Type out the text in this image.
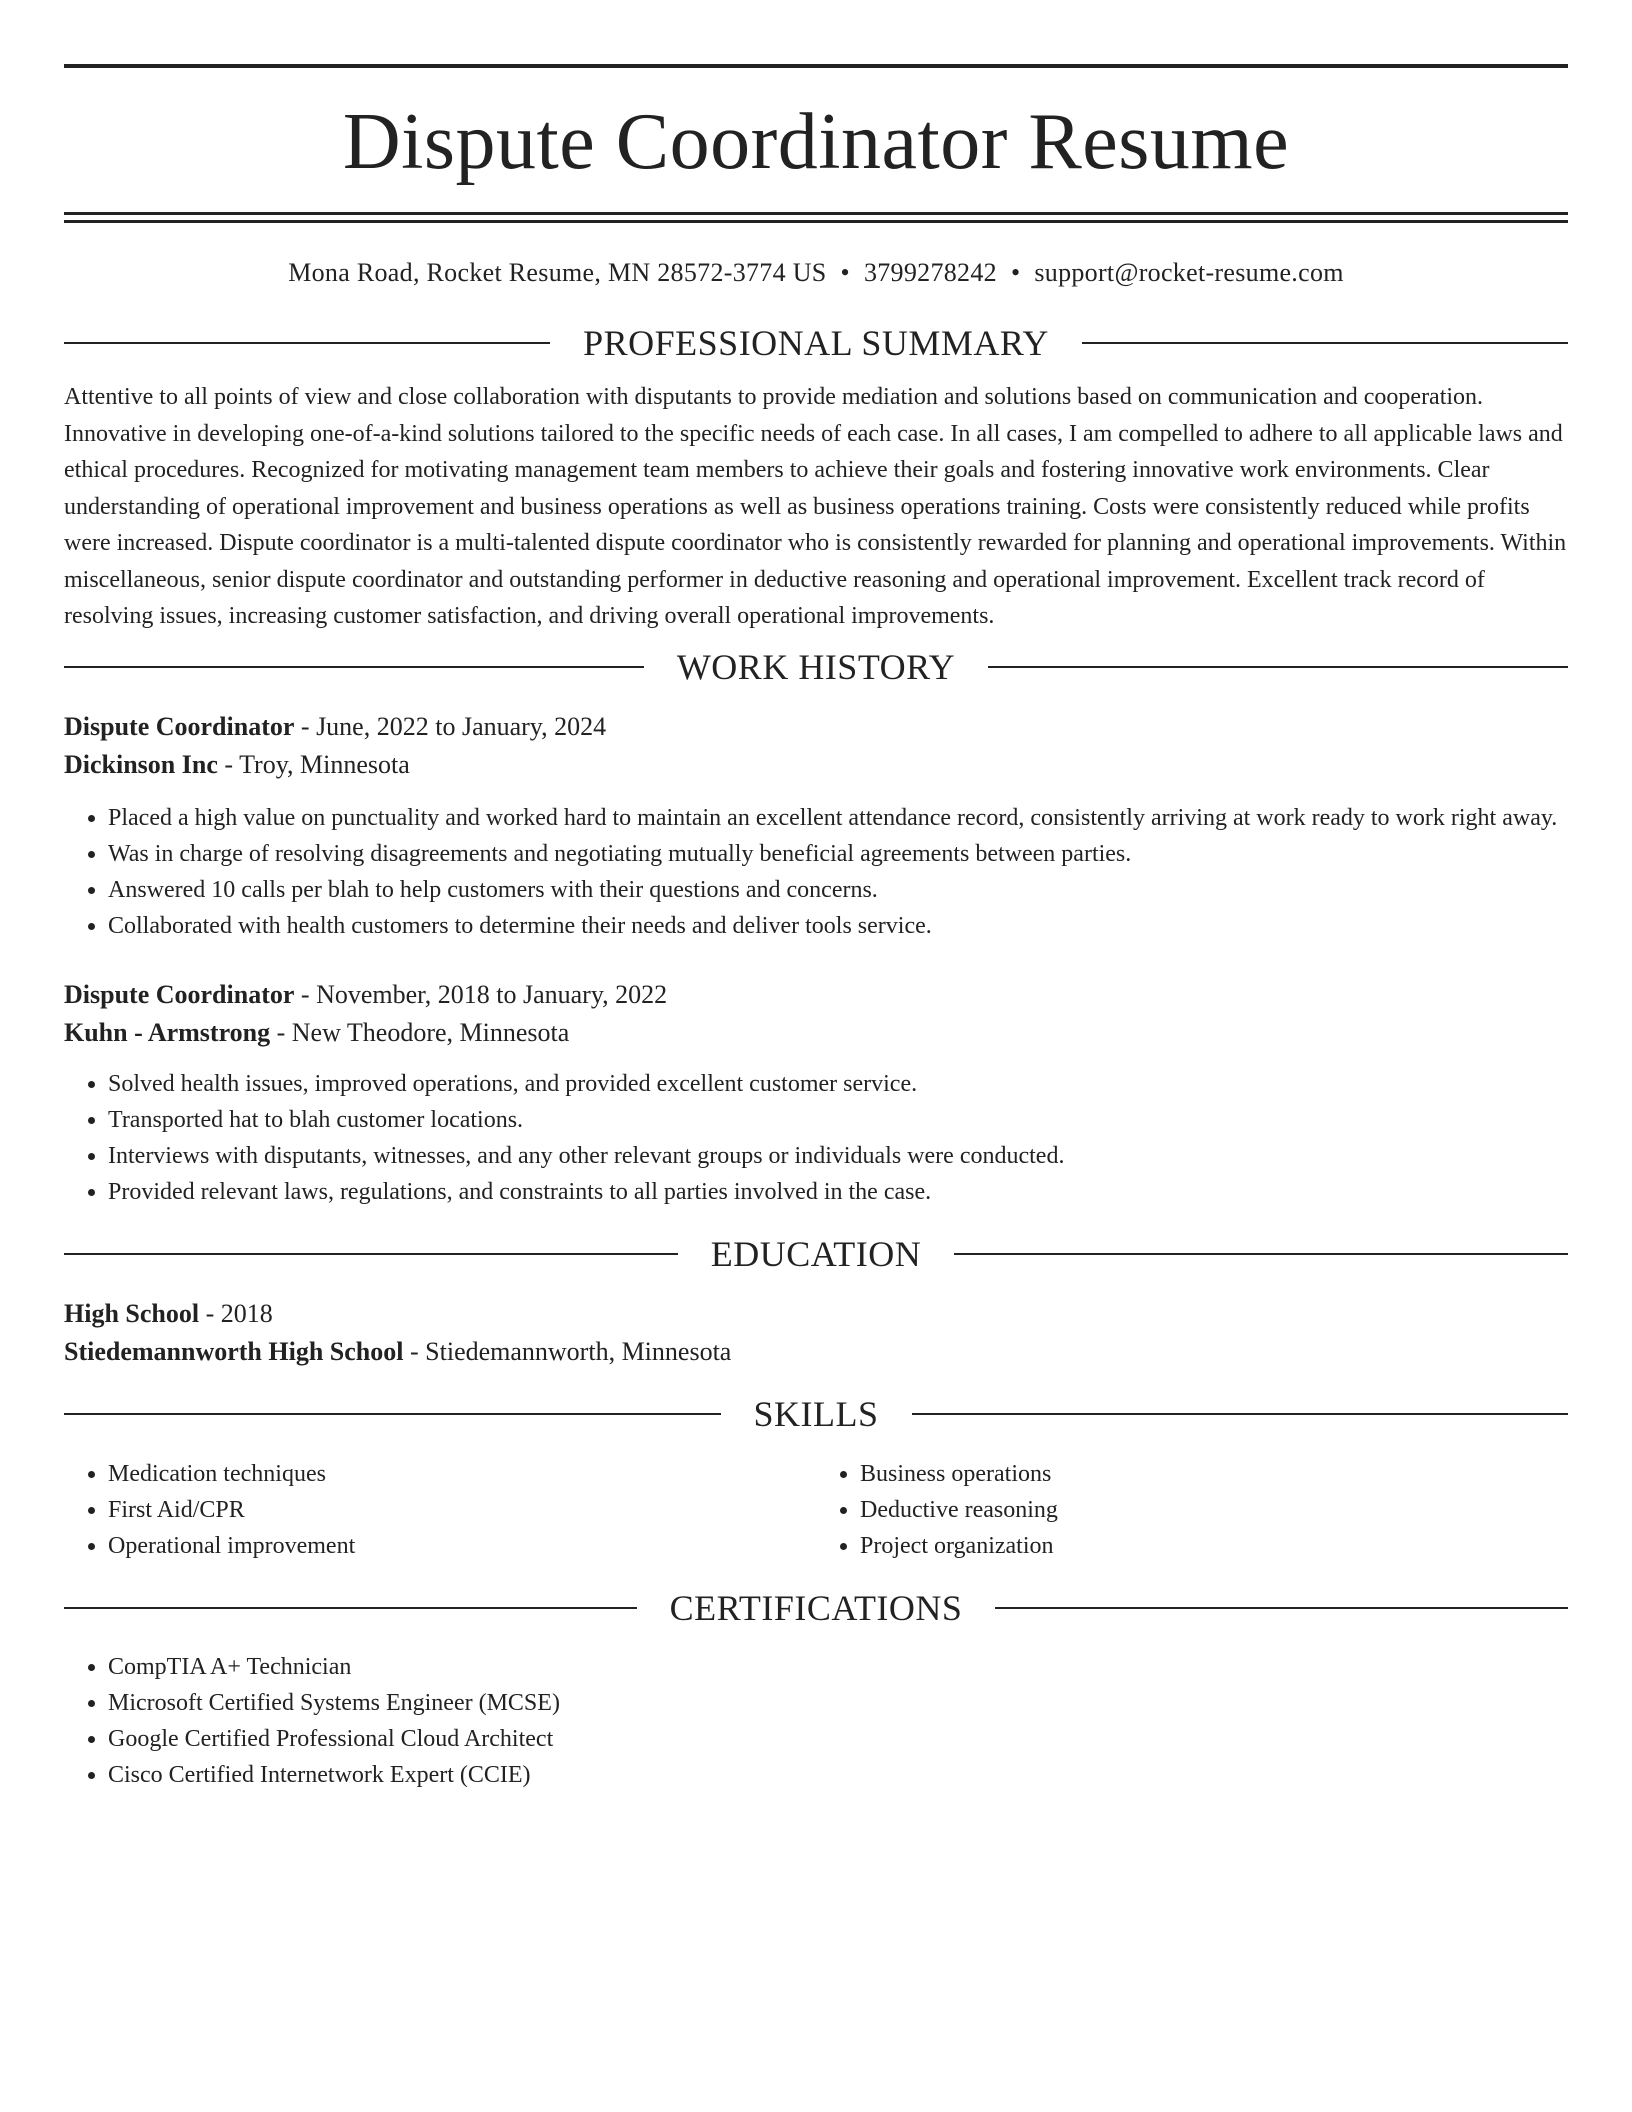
Dispute Coordinator Resume
Mona Road, Rocket Resume, MN 28572-3774 US • 3799278242 • support@rocket-resume.com
PROFESSIONAL SUMMARY

Attentive to all points of view and close collaboration with disputants to provide mediation and solutions based on communication and cooperation. Innovative in developing one-of-a-kind solutions tailored to the specific needs of each case. In all cases, I am compelled to adhere to all applicable laws and ethical procedures. Recognized for motivating management team members to achieve their goals and fostering innovative work environments. Clear understanding of operational improvement and business operations as well as business operations training. Costs were consistently reduced while profits were increased. Dispute coordinator is a multi-talented dispute coordinator who is consistently rewarded for planning and operational improvements. Within miscellaneous, senior dispute coordinator and outstanding performer in deductive reasoning and operational improvement. Excellent track record of resolving issues, increasing customer satisfaction, and driving overall operational improvements.

WORK HISTORY
Dispute Coordinator - June, 2022 to January, 2024
Dickinson Inc - Troy, Minnesota
• Placed a high value on punctuality and worked hard to maintain an excellent attendance record, consistently arriving at work ready to work right away.
• Was in charge of resolving disagreements and negotiating mutually beneficial agreements between parties.
• Answered 10 calls per blah to help customers with their questions and concerns.
• Collaborated with health customers to determine their needs and deliver tools service.
Dispute Coordinator - November, 2018 to January, 2022
Kuhn - Armstrong - New Theodore, Minnesota
• Solved health issues, improved operations, and provided excellent customer service.
• Transported hat to blah customer locations.
• Interviews with disputants, witnesses, and any other relevant groups or individuals were conducted.
• Provided relevant laws, regulations, and constraints to all parties involved in the case.
EDUCATION
High School - 2018
Stiedemannworth High School - Stiedemannworth, Minnesota
SKILLS
• Medication techniques
• First Aid/CPR
• Operational improvement
• Business operations
• Deductive reasoning
• Project organization
CERTIFICATIONS
• CompTIA A+ Technician
• Microsoft Certified Systems Engineer (MCSE)
• Google Certified Professional Cloud Architect
• Cisco Certified Internetwork Expert (CCIE)
